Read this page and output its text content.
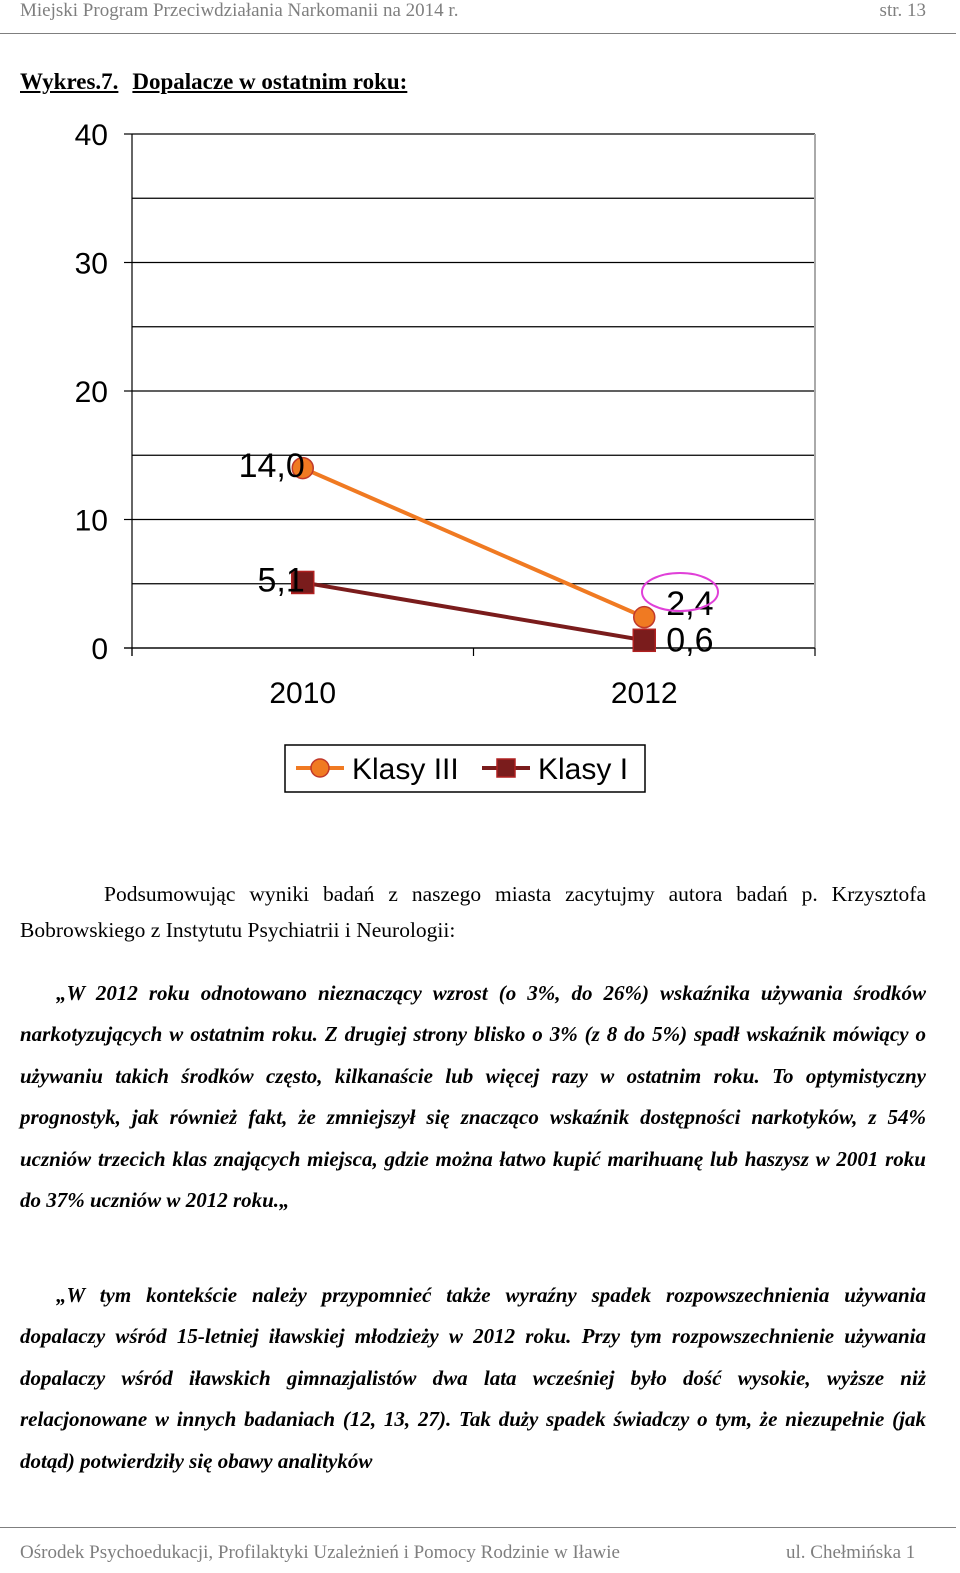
Miejski Program Przeciwdziałania Narkomanii na 2014 r.	str. 13
Wykres.7. Dopalacze w ostatnim roku:
0
10
20
30
40
2010	2012
14,0
2,4
5,1
0,6
Klasy III	Klasy I
Podsumowując wyniki badań z naszego miasta zacytujmy autora badań p. Krzysztofa Bobrowskiego z Instytutu Psychiatrii i Neurologii:
„W 2012 roku odnotowano nieznaczący wzrost (o 3%, do 26%) wskaźnika używania środków narkotyzujących w ostatnim roku. Z drugiej strony blisko o 3% (z 8 do 5%) spadł wskaźnik mówiący o używaniu takich środków często, kilkanaście lub więcej razy w ostatnim roku. To optymistyczny prognostyk, jak również fakt, że zmniejszył się znacząco wskaźnik dostępności narkotyków, z 54% uczniów trzecich klas znających miejsca, gdzie można łatwo kupić marihuanę lub haszysz w 2001 roku do 37% uczniów w 2012 roku.„
„W tym kontekście należy przypomnieć także wyraźny spadek rozpowszechnienia używania dopalaczy wśród 15-letniej iławskiej młodzieży w 2012 roku. Przy tym rozpowszechnienie używania dopalaczy wśród iławskich gimnazjalistów dwa lata wcześniej było dość wysokie, wyższe niż relacjonowane w innych badaniach (12, 13, 27). Tak duży spadek świadczy o tym, że niezupełnie (jak dotąd) potwierdziły się obawy analityków
Ośrodek Psychoedukacji, Profilaktyki Uzależnień i Pomocy Rodzinie w Iławie	ul. Chełmińska 1
